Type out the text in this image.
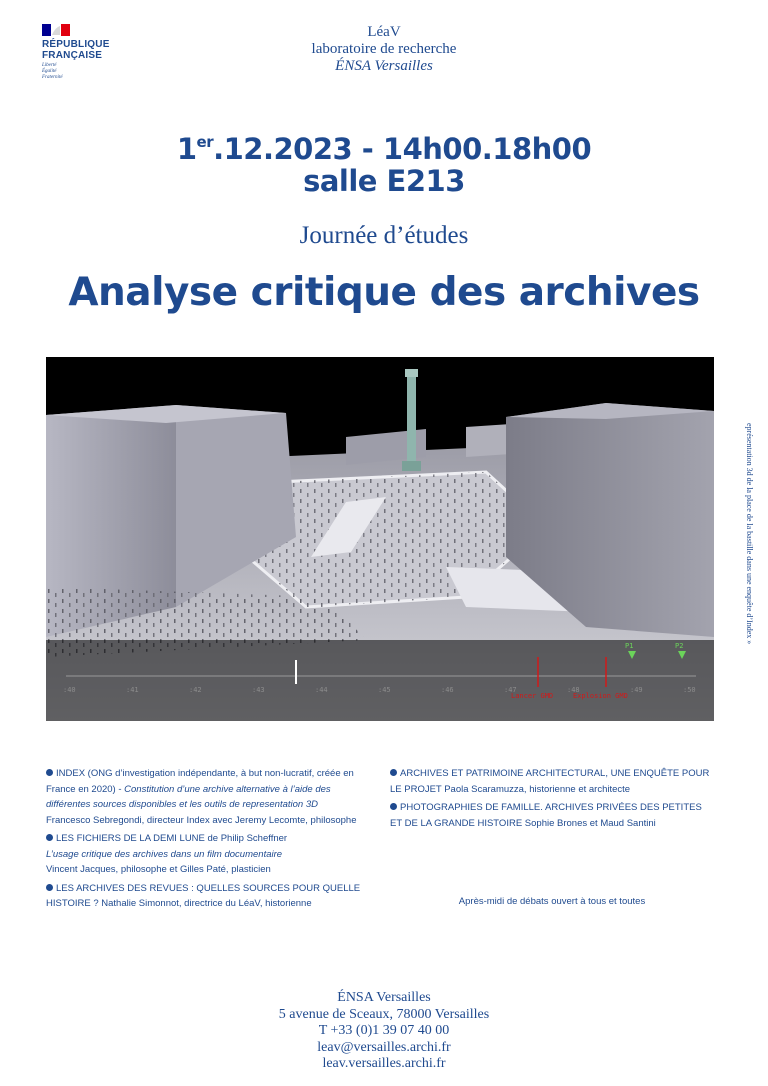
RÉPUBLIQUE
FRANÇAISE
Liberté
Égalité
Fraternité
LéaV
laboratoire de recherche
ÉNSA Versailles
1er.12.2023 - 14h00.18h00
salle E213
Journée d’études
Analyse critique des archives
P1	P2
:40	:41	:42	:43	:44	:45	:46	:47	:48	:49	:50
Lancer GMD	Explosion GMD
eprésentation 3d de la place de la bastille dans une enquête d’Index »

INDEX (ONG d’investigation indépendante, à but non-lucratif, créée en France en 2020) - Constitution d’une archive alternative à l’aide des différentes sources disponibles et les outils de representation 3D
Francesco Sebregondi, directeur Index avec Jeremy Lecomte, philosophe

LES FICHIERS DE LA DEMI LUNE de Philip Scheffner
L’usage critique des archives dans un film documentaire
Vincent Jacques, philosophe et Gilles Paté, plasticien

LES ARCHIVES DES REVUES : QUELLES SOURCES POUR QUELLE HISTOIRE ? Nathalie Simonnot, directrice du LéaV, historienne

ARCHIVES ET PATRIMOINE ARCHITECTURAL, UNE ENQUÊTE POUR LE PROJET Paola Scaramuzza, historienne et architecte

PHOTOGRAPHIES DE FAMILLE. ARCHIVES PRIVÉES DES PETITES ET DE LA GRANDE HISTOIRE Sophie Brones et Maud Santini

Après-midi de débats ouvert à tous et toutes
ÉNSA Versailles
5 avenue de Sceaux, 78000 Versailles
T +33 (0)1 39 07 40 00
leav@versailles.archi.fr
leav.versailles.archi.fr
